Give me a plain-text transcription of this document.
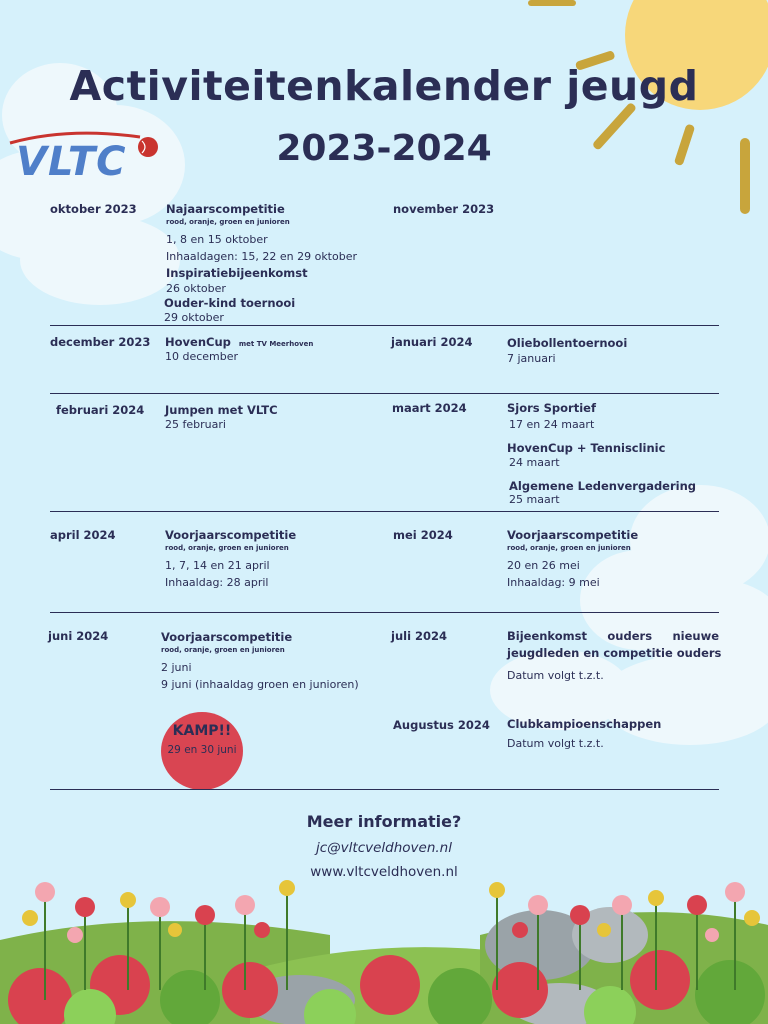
VLTC
Activiteitenkalender jeugd
2023-2024
oktober 2023	Najaarscompetitie
rood, oranje, groen en junioren
1, 8 en 15 oktober
Inhaaldagen: 15, 22 en 29 oktober
Inspiratiebijeenkomst
26 oktober
Ouder-kind toernooi
29 oktober
november 2023
december 2023 HovenCup met TV Meerhoven
10 december
januari 2024	Oliebollentoernooi
7 januari
februari 2024 Jumpen met VLTC
25 februari
maart 2024	Sjors Sportief
17 en 24 maart
HovenCup + Tennisclinic
24 maart
Algemene Ledenvergadering
25 maart
april 2024	Voorjaarscompetitie
rood, oranje, groen en junioren
1, 7, 14 en 21 april
Inhaaldag: 28 april
mei 2024	Voorjaarscompetitie
rood, oranje, groen en junioren
20 en 26 mei
Inhaaldag: 9 mei
juni 2024	Voorjaarscompetitie
rood, oranje, groen en junioren
2 juni
9 juni (inhaaldag groen en junioren)
KAMP!!
29 en 30 juni
juli 2024	Bijeenkomst ouders nieuwe
jeugdleden en competitie ouders
Datum volgt t.z.t.
Augustus 2024 Clubkampioenschappen
Datum volgt t.z.t.
Meer informatie?
jc@vltcveldhoven.nl
www.vltcveldhoven.nl
